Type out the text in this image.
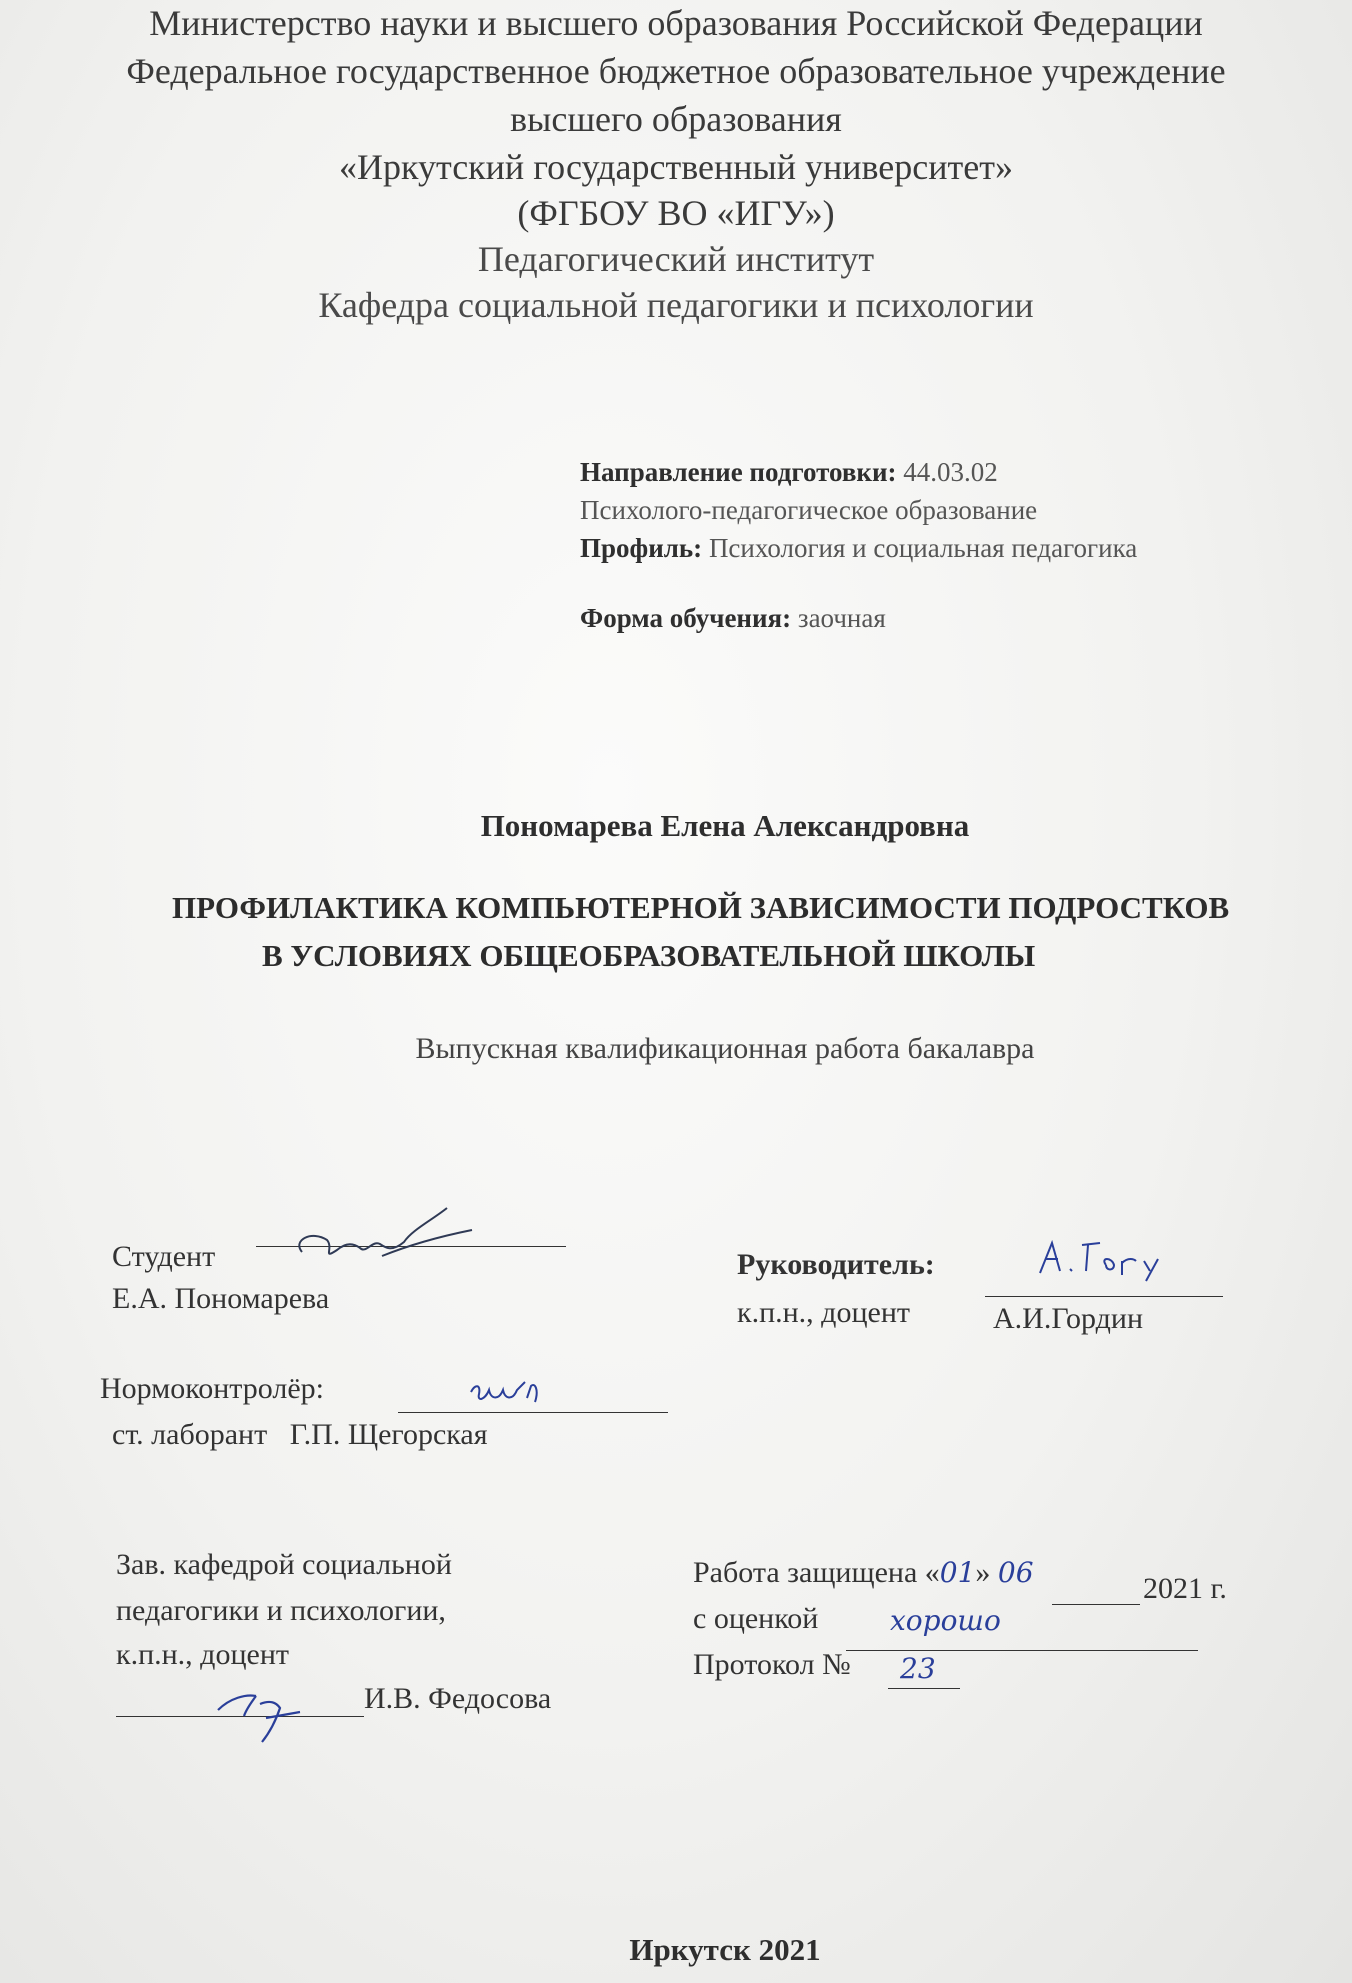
Министерство науки и высшего образования Российской Федерации
Федеральное государственное бюджетное образовательное учреждение
высшего образования
«Иркутский государственный университет»
(ФГБОУ ВО «ИГУ»)
Педагогический институт
Кафедра социальной педагогики и психологии
Направление подготовки: 44.03.02
Психолого-педагогическое образование
Профиль: Психология и социальная педагогика
Форма обучения: заочная
Пономарева Елена Александровна
ПРОФИЛАКТИКА КОМПЬЮТЕРНОЙ ЗАВИСИМОСТИ ПОДРОСТКОВ
В УСЛОВИЯХ ОБЩЕОБРАЗОВАТЕЛЬНОЙ ШКОЛЫ
Выпускная квалификационная работа бакалавра
Студент
Е.А. Пономарева
Руководитель:
к.п.н., доцент	А.И.Гордин
Нормоконтролёр:
ст. лаборант Г.П. Щегорская
Зав. кафедрой социальной
педагогики и психологии,
к.п.н., доцент
И.В. Федосова
Работа защищена «01» 06	2021 г.
с оценкой	хорошо
Протокол № 23
Иркутск 2021
